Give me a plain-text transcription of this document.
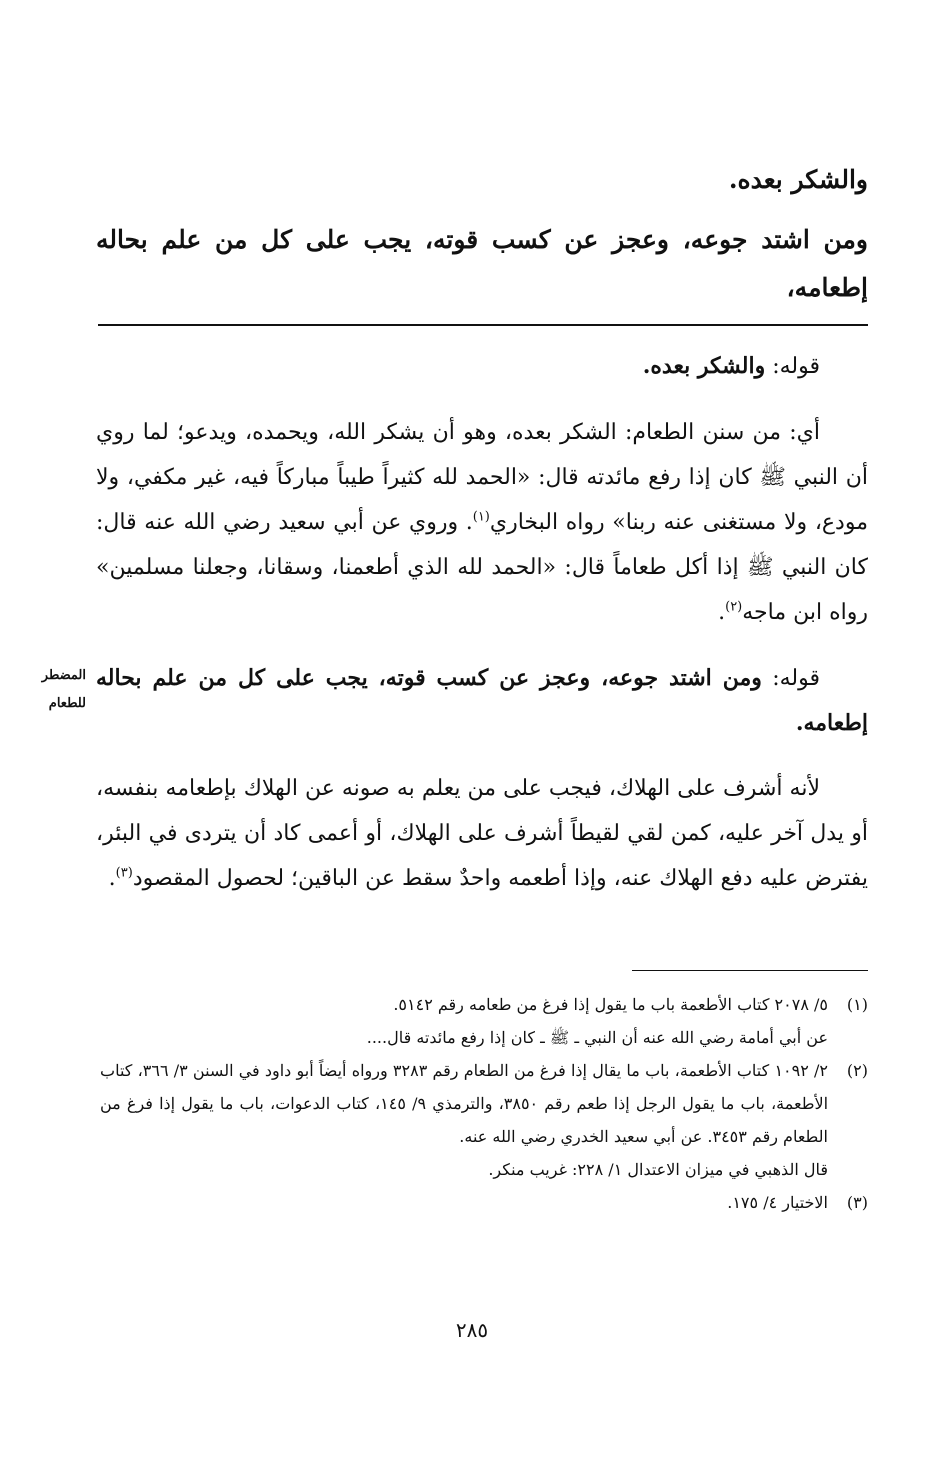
والشكر بعده.
ومن اشتد جوعه، وعجز عن كسب قوته، يجب على كل من علم بحاله إطعامه،
قوله: والشكر بعده.
أي: من سنن الطعام: الشكر بعده، وهو أن يشكر الله، ويحمده، ويدعو؛ لما روي أن النبي ﷺ كان إذا رفع مائدته قال: «الحمد لله كثيراً طيباً مباركاً فيه، غير مكفي، ولا مودع، ولا مستغنى عنه ربنا» رواه البخاري$^{(١)}$. وروي عن أبي سعيد رضي الله عنه قال: كان النبي ﷺ إذا أكل طعاماً قال: «الحمد لله الذي أطعمنا، وسقانا، وجعلنا مسلمين» رواه ابن ماجه$^{(٢)}$.
قوله: ومن اشتد جوعه، وعجز عن كسب قوته، يجب على كل من علم بحاله إطعامه.
المضطر
للطعام
لأنه أشرف على الهلاك، فيجب على من يعلم به صونه عن الهلاك بإطعامه بنفسه، أو يدل آخر عليه، كمن لقي لقيطاً أشرف على الهلاك، أو أعمى كاد أن يتردى في البئر، يفترض عليه دفع الهلاك عنه، وإذا أطعمه واحدٌ سقط عن الباقين؛ لحصول المقصود$^{(٣)}$.
(١)
٥/ ٢٠٧٨ كتاب الأطعمة باب ما يقول إذا فرغ من طعامه رقم ٥١٤٢.
عن أبي أمامة رضي الله عنه أن النبي ـ ﷺ ـ كان إذا رفع مائدته قال....
(٢)
٢/ ١٠٩٢ كتاب الأطعمة، باب ما يقال إذا فرغ من الطعام رقم ٣٢٨٣ ورواه أيضاً أبو داود في السنن ٣/ ٣٦٦، كتاب الأطعمة، باب ما يقول الرجل إذا طعم رقم ٣٨٥٠، والترمذي ٩/ ١٤٥، كتاب الدعوات، باب ما يقول إذا فرغ من الطعام رقم ٣٤٥٣. عن أبي سعيد الخدري رضي الله عنه.
قال الذهبي في ميزان الاعتدال ١/ ٢٢٨: غريب منكر.
(٣)
الاختيار ٤/ ١٧٥.
٢٨٥
